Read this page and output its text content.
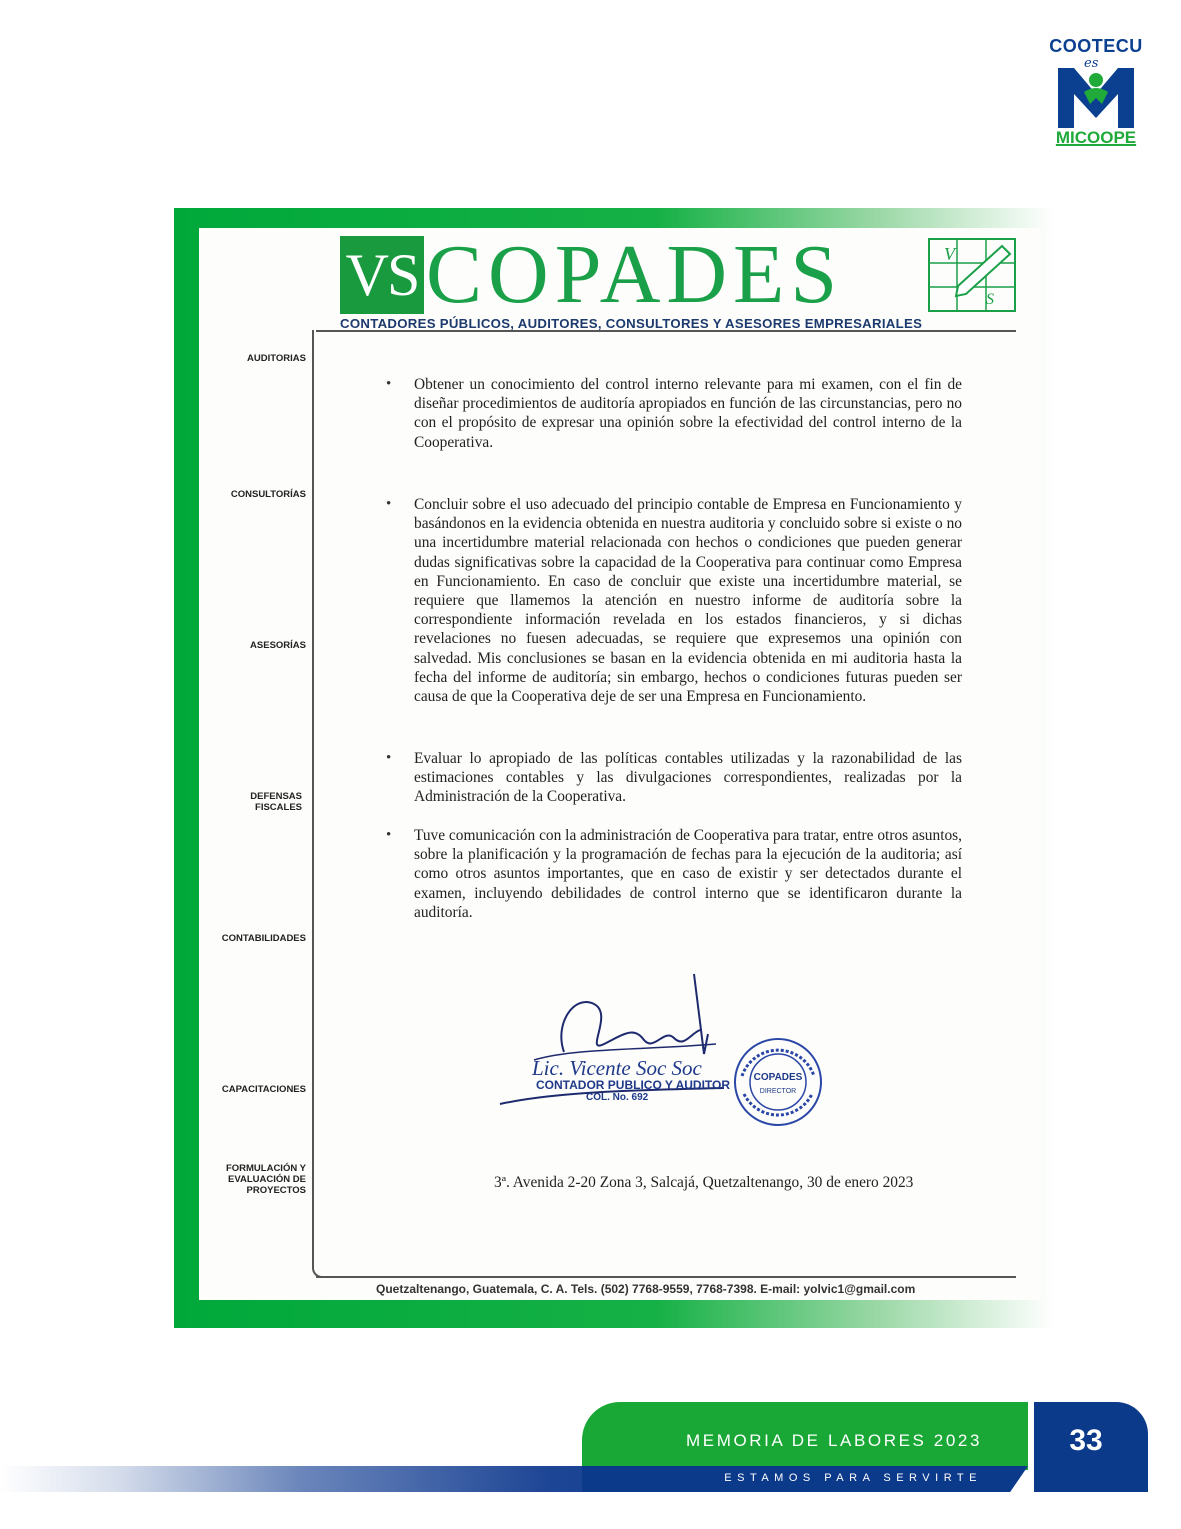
COOTECU
es
MICOOPE
VS COPADES	V
S
CONTADORES PÚBLICOS, AUDITORES, CONSULTORES Y ASESORES EMPRESARIALES
AUDITORIAS
CONSULTORÍAS
ASESORÍAS
DEFENSAS FISCALES
CONTABILIDADES
CAPACITACIONES
FORMULACIÓN Y EVALUACIÓN DE PROYECTOS
• Obtener un conocimiento del control interno relevante para mi examen, con el fin de diseñar procedimientos de auditoría apropiados en función de las circunstancias, pero no con el propósito de expresar una opinión sobre la efectividad del control interno de la Cooperativa.
• Concluir sobre el uso adecuado del principio contable de Empresa en Funcionamiento y basándonos en la evidencia obtenida en nuestra auditoria y concluido sobre si existe o no una incertidumbre material relacionada con hechos o condiciones que pueden generar dudas significativas sobre la capacidad de la Cooperativa para continuar como Empresa en Funcionamiento. En caso de concluir que existe una incertidumbre material, se requiere que llamemos la atención en nuestro informe de auditoría sobre la correspondiente información revelada en los estados financieros, y si dichas revelaciones no fuesen adecuadas, se requiere que expresemos una opinión con salvedad. Mis conclusiones se basan en la evidencia obtenida en mi auditoria hasta la fecha del informe de auditoría; sin embargo, hechos o condiciones futuras pueden ser causa de que la Cooperativa deje de ser una Empresa en Funcionamiento.
• Evaluar lo apropiado de las políticas contables utilizadas y la razonabilidad de las estimaciones contables y las divulgaciones correspondientes, realizadas por la Administración de la Cooperativa.
• Tuve comunicación con la administración de Cooperativa para tratar, entre otros asuntos, sobre la planificación y la programación de fechas para la ejecución de la auditoria; así como otros asuntos importantes, que en caso de existir y ser detectados durante el examen, incluyendo debilidades de control interno que se identificaron durante la auditoría.
Lic. Vicente Soc Soc
CONTADOR PUBLICO Y AUDITOR
COL. No. 692
COPADES
DIRECTOR
3ª. Avenida 2-20 Zona 3, Salcajá, Quetzaltenango, 30 de enero 2023
Quetzaltenango, Guatemala, C. A. Tels. (502) 7768-9559, 7768-7398. E-mail: yolvic1@gmail.com
MEMORIA DE LABORES 2023
ESTAMOS PARA SERVIRTE
33
